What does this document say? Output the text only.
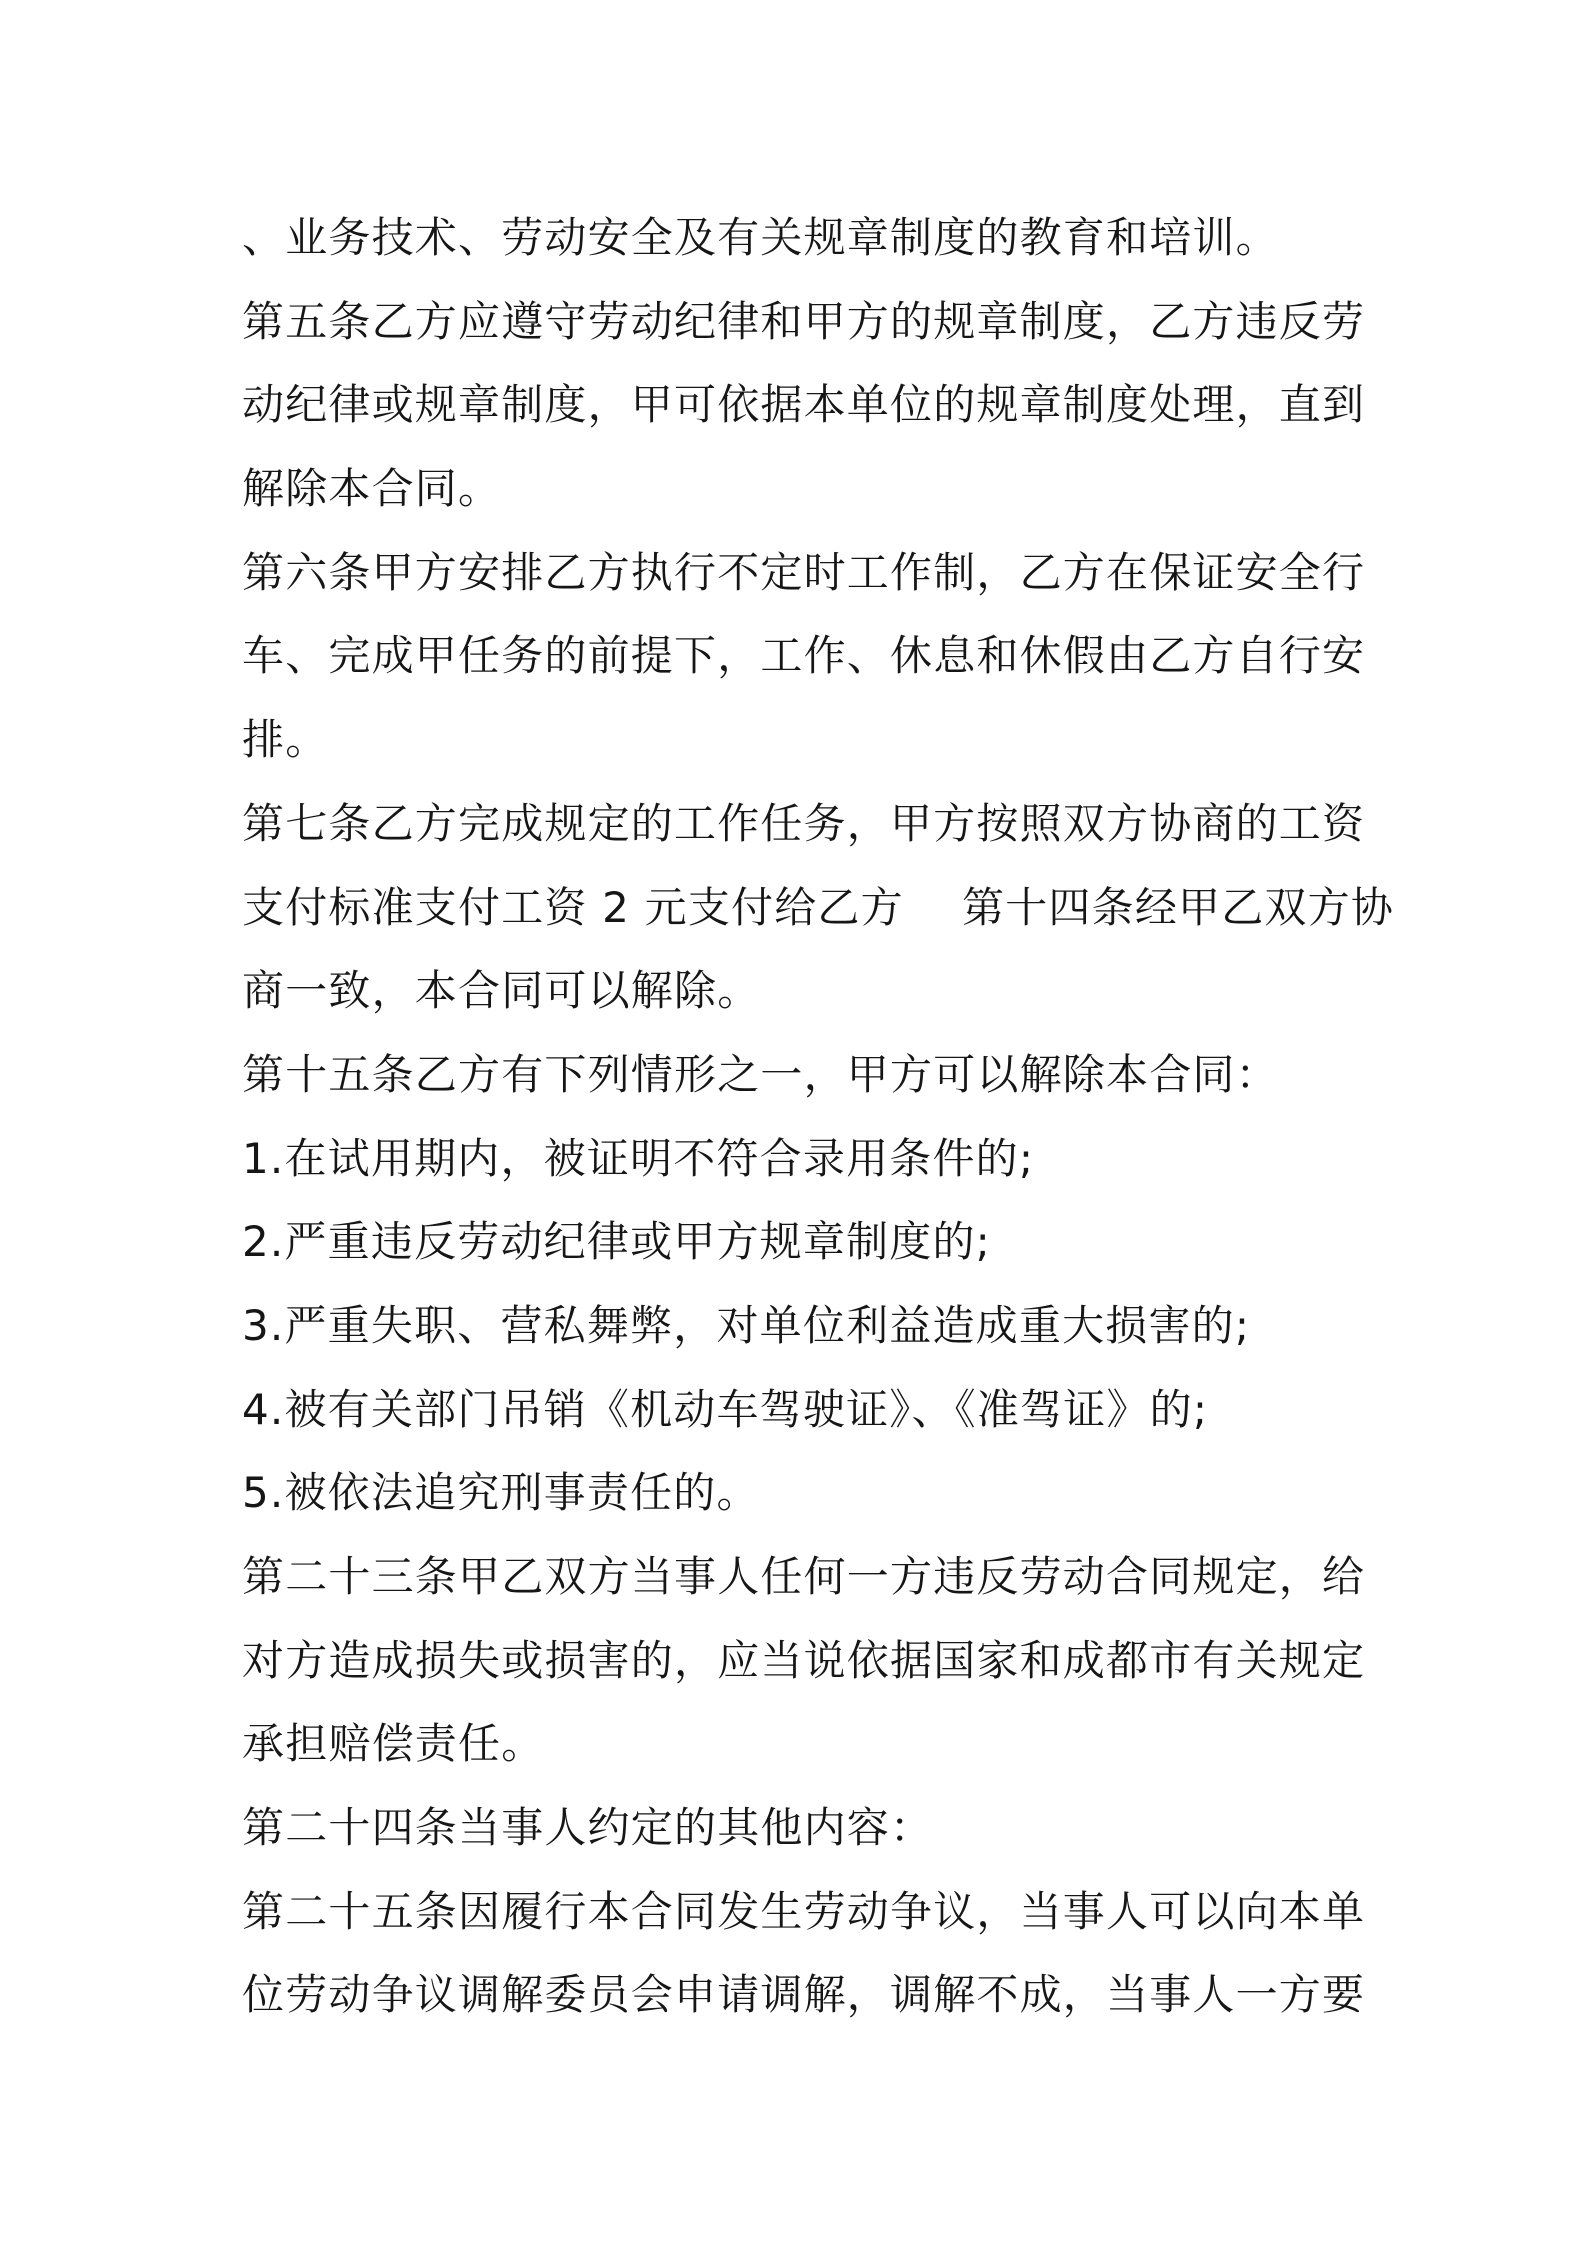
、业务技术、劳动安全及有关规章制度的教育和培训。
第五条乙方应遵守劳动纪律和甲方的规章制度，乙方违反劳
动纪律或规章制度，甲可依据本单位的规章制度处理，直到
解除本合同。
第六条甲方安排乙方执行不定时工作制，乙方在保证安全行
车、完成甲任务的前提下，工作、休息和休假由乙方自行安
排。
第七条乙方完成规定的工作任务，甲方按照双方协商的工资
支付标准支付工资 2 元支付给乙方    第十四条经甲乙双方协
商一致，本合同可以解除。
第十五条乙方有下列情形之一，甲方可以解除本合同：
1.在试用期内，被证明不符合录用条件的;
2.严重违反劳动纪律或甲方规章制度的;
3.严重失职、营私舞弊，对单位利益造成重大损害的;
4.被有关部门吊销《机动车驾驶证》、《准驾证》的;
5.被依法追究刑事责任的。
第二十三条甲乙双方当事人任何一方违反劳动合同规定，给
对方造成损失或损害的，应当说依据国家和成都市有关规定
承担赔偿责任。
第二十四条当事人约定的其他内容：
第二十五条因履行本合同发生劳动争议，当事人可以向本单
位劳动争议调解委员会申请调解，调解不成，当事人一方要
